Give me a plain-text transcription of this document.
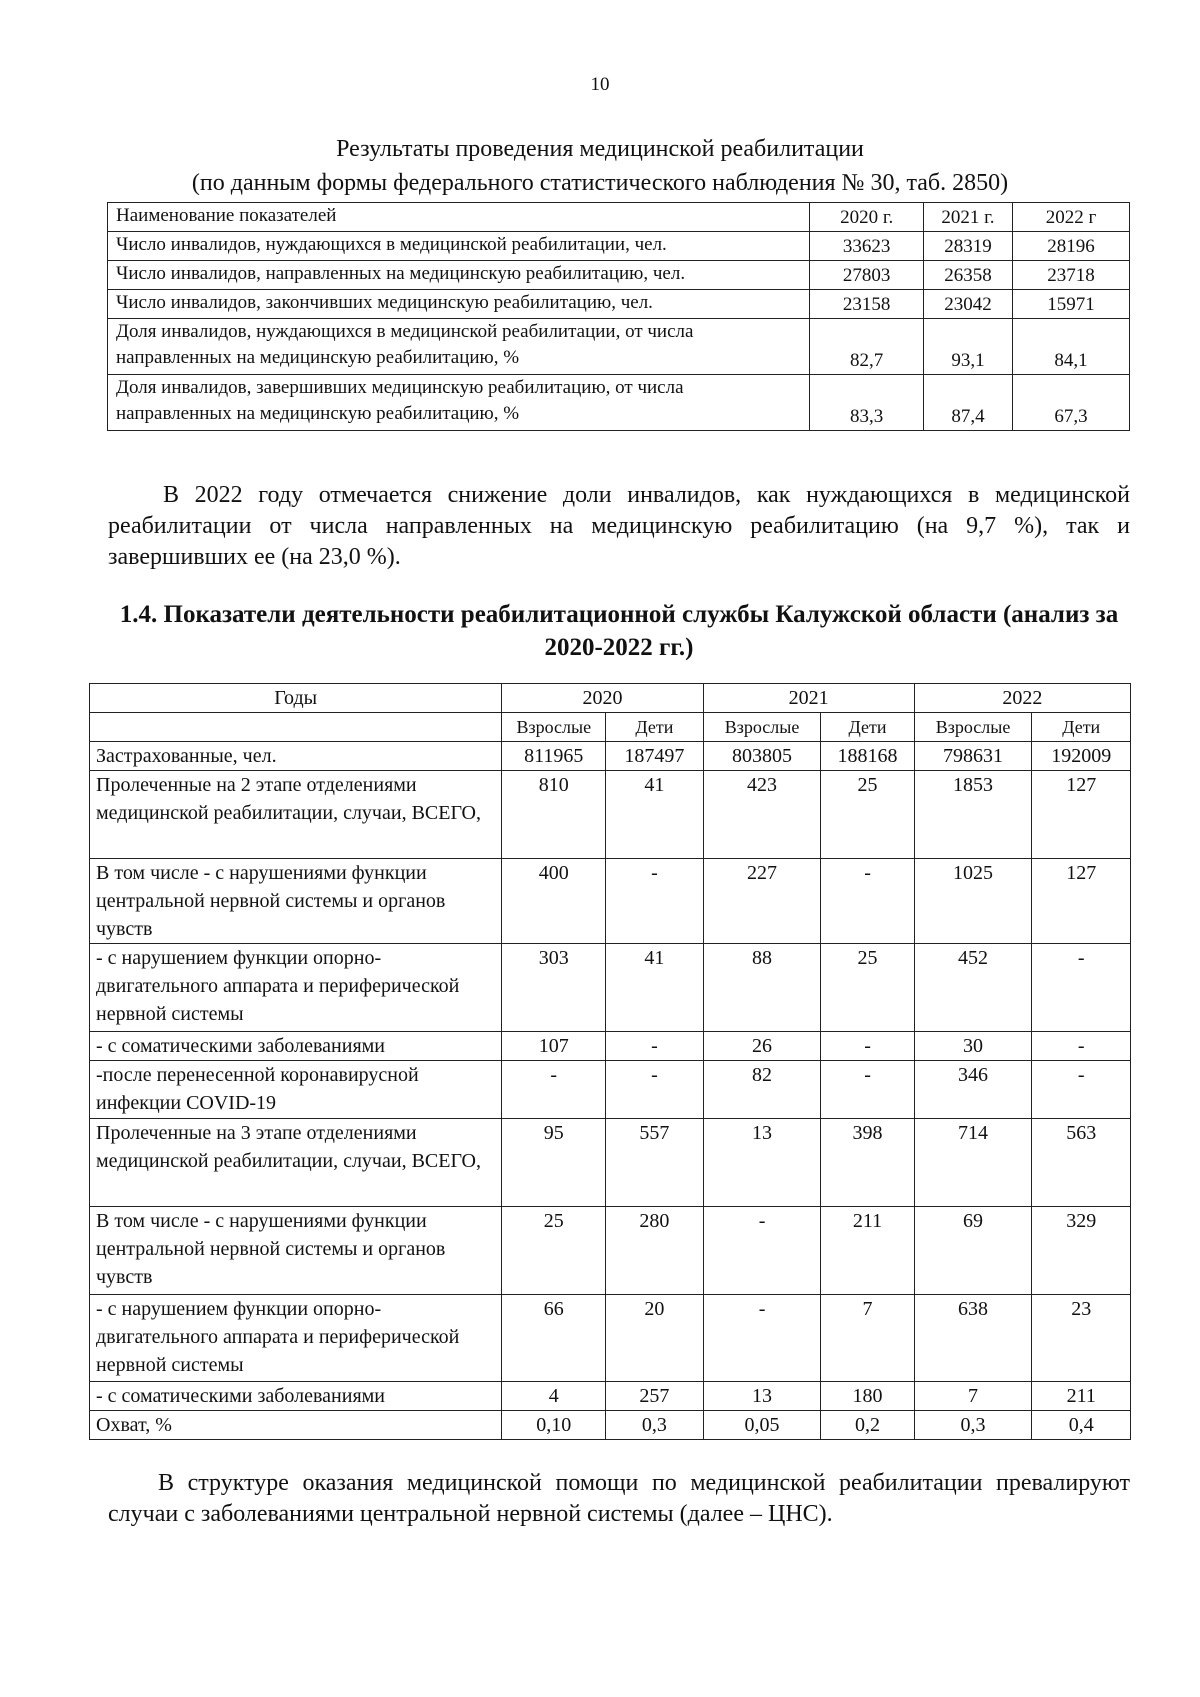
10
Результаты проведения медицинской реабилитации
(по данным формы федерального статистического наблюдения № 30, таб. 2850)
Наименование показателей	2020 г.	2021 г.	2022 г
Число инвалидов, нуждающихся в медицинской реабилитации, чел.	33623	28319	28196
Число инвалидов, направленных на медицинскую реабилитацию, чел.	27803	26358	23718
Число инвалидов, закончивших медицинскую реабилитацию, чел.	23158	23042	15971
Доля инвалидов, нуждающихся в медицинской реабилитации, от числа направленных на медицинскую реабилитацию, %	82,7	93,1	84,1
Доля инвалидов, завершивших медицинскую реабилитацию, от числа направленных на медицинскую реабилитацию, %	83,3	87,4	67,3
В 2022 году отмечается снижение доли инвалидов, как нуждающихся в медицинской реабилитации от числа направленных на медицинскую реабилитацию (на 9,7 %), так и завершивших ее (на 23,0 %).
1.4. Показатели деятельности реабилитационной службы Калужской области (анализ за 2020-2022 гг.)
Годы	2020		2021		2022	
	Взрослые	Дети	Взрослые	Дети	Взрослые	Дети
Застрахованные, чел.	811965	187497	803805	188168	798631	192009
Пролеченные на 2 этапе отделениями медицинской реабилитации, случаи, ВСЕГО,	810	41	423	25	1853	127
В том числе - с нарушениями функции центральной нервной системы и органов чувств	400	-	227	-	1025	127
- с нарушением функции опорно-двигательного аппарата и периферической нервной системы	303	41	88	25	452	-
- с соматическими заболеваниями	107	-	26	-	30	-
-после перенесенной коронавирусной инфекции COVID-19	-	-	82	-	346	-
Пролеченные на 3 этапе отделениями медицинской реабилитации, случаи, ВСЕГО,	95	557	13	398	714	563
В том числе - с нарушениями функции центральной нервной системы и органов чувств	25	280	-	211	69	329
- с нарушением функции опорно-двигательного аппарата и периферической нервной системы	66	20	-	7	638	23
- с соматическими заболеваниями	4	257	13	180	7	211
Охват, %	0,10	0,3	0,05	0,2	0,3	0,4
В структуре оказания медицинской помощи по медицинской реабилитации превалируют случаи с заболеваниями центральной нервной системы (далее – ЦНС).
